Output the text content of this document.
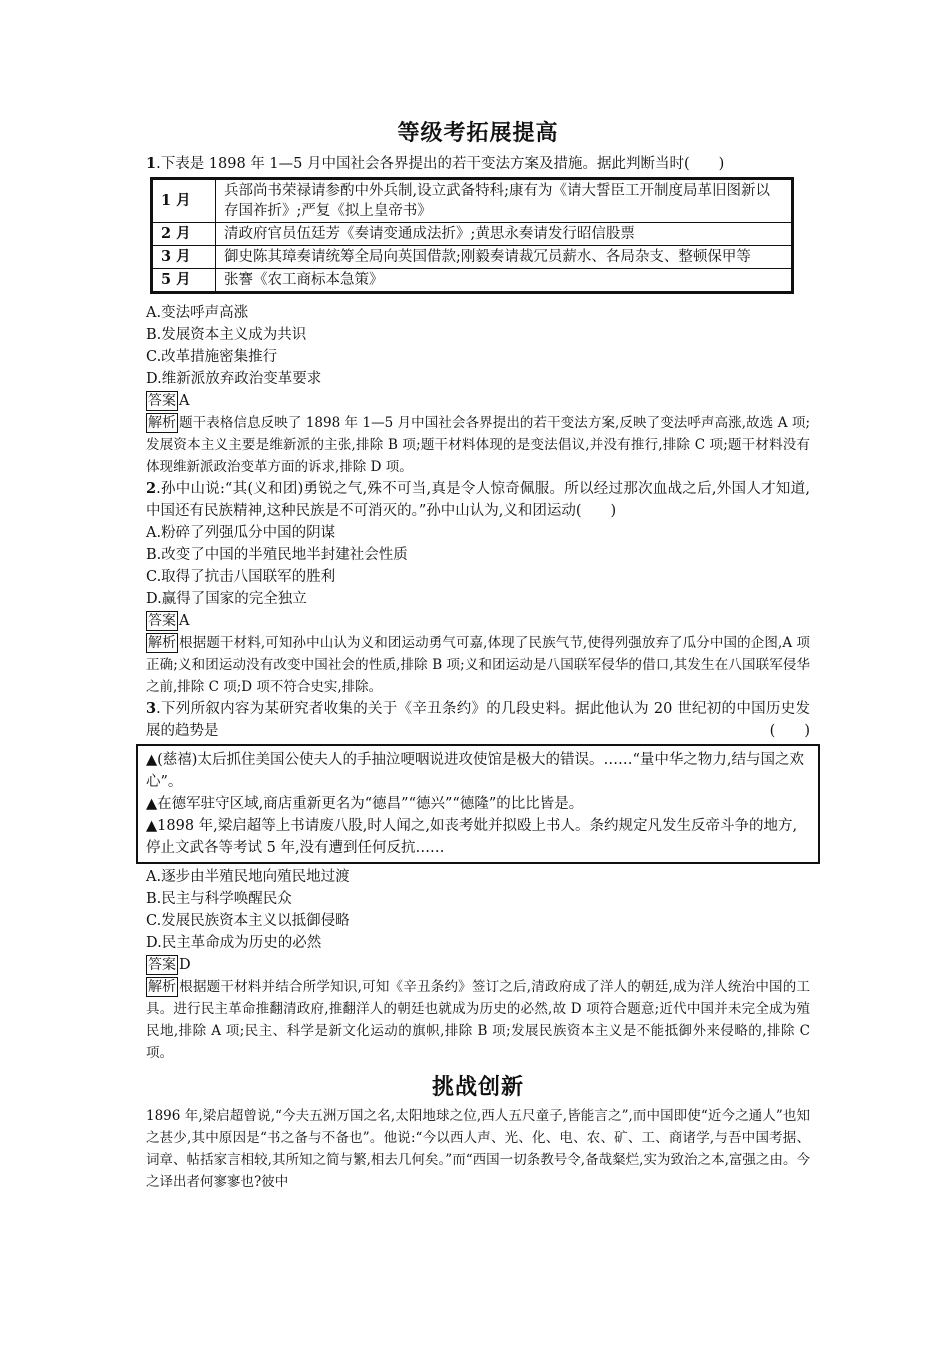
等级考拓展提高

1.下表是 1898 年 1—5 月中国社会各界提出的若干变法方案及措施。据此判断当时(　　)

1 月	兵部尚书荣禄请参酌中外兵制,设立武备特科;康有为《请大誓臣工开制度局革旧图新以存国祚折》;严复《拟上皇帝书》
2 月	清政府官员伍廷芳《奏请变通成法折》;黄思永奏请发行昭信股票
3 月	御史陈其璋奏请统筹全局向英国借款;刚毅奏请裁冗员薪水、各局杂支、整顿保甲等
5 月	张謇《农工商标本急策》

A.变法呼声高涨

B.发展资本主义成为共识

C.改革措施密集推行

D.维新派放弃政治变革要求

答案 A

解析 题干表格信息反映了 1898 年 1—5 月中国社会各界提出的若干变法方案,反映了变法呼声高涨,故选 A 项;发展资本主义主要是维新派的主张,排除 B 项;题干材料体现的是变法倡议,并没有推行,排除 C 项;题干材料没有体现维新派政治变革方面的诉求,排除 D 项。

2.孙中山说:“其(义和团)勇锐之气,殊不可当,真是令人惊奇佩服。所以经过那次血战之后,外国人才知道,中国还有民族精神,这种民族是不可消灭的。”孙中山认为,义和团运动(　　)

A.粉碎了列强瓜分中国的阴谋

B.改变了中国的半殖民地半封建社会性质

C.取得了抗击八国联军的胜利

D.赢得了国家的完全独立

答案 A

解析 根据题干材料,可知孙中山认为义和团运动勇气可嘉,体现了民族气节,使得列强放弃了瓜分中国的企图,A 项正确;义和团运动没有改变中国社会的性质,排除 B 项;义和团运动是八国联军侵华的借口,其发生在八国联军侵华之前,排除 C 项;D 项不符合史实,排除。

3.下列所叙内容为某研究者收集的关于《辛丑条约》的几段史料。据此他认为 20 世纪初的中国历史发展的趋势是	(　　)

▲(慈禧)太后抓住美国公使夫人的手抽泣哽咽说进攻使馆是极大的错误。……“量中华之物力,结与国之欢心”。
▲在德军驻守区域,商店重新更名为“德昌”“德兴”“德隆”的比比皆是。
▲1898 年,梁启超等上书请废八股,时人闻之,如丧考妣并拟殴上书人。条约规定凡发生反帝斗争的地方,停止文武各等考试 5 年,没有遭到任何反抗……

A.逐步由半殖民地向殖民地过渡

B.民主与科学唤醒民众

C.发展民族资本主义以抵御侵略

D.民主革命成为历史的必然

答案 D

解析 根据题干材料并结合所学知识,可知《辛丑条约》签订之后,清政府成了洋人的朝廷,成为洋人统治中国的工具。进行民主革命推翻清政府,推翻洋人的朝廷也就成为历史的必然,故 D 项符合题意;近代中国并未完全成为殖民地,排除 A 项;民主、科学是新文化运动的旗帜,排除 B 项;发展民族资本主义是不能抵御外来侵略的,排除 C 项。

挑战创新

1896 年,梁启超曾说,“今夫五洲万国之名,太阳地球之位,西人五尺童子,皆能言之”,而中国即使“近今之通人”也知之甚少,其中原因是“书之备与不备也”。他说:“今以西人声、光、化、电、农、矿、工、商诸学,与吾中国考据、词章、帖括家言相较,其所知之简与繁,相去几何矣。”而“西国一切条教号令,备哉粲烂,实为致治之本,富强之由。今之译出者何寥寥也?彼中
